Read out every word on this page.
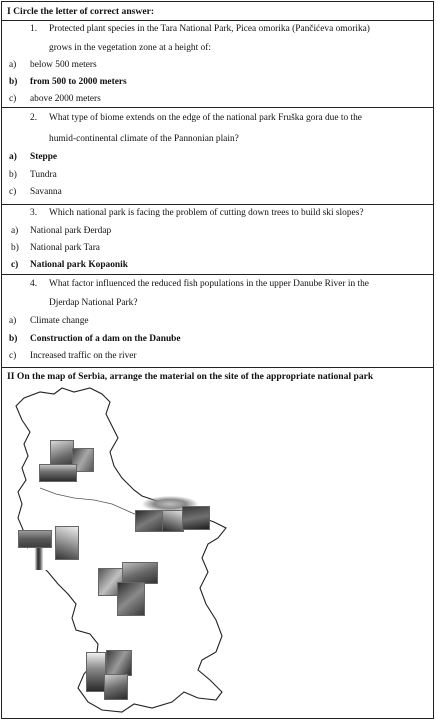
I Circle the letter of correct answer:
1. Protected plant species in the Tara National Park, Picea omorika (Pančićeva omorika)
grows in the vegetation zone at a height of:
a) below 500 meters
b) from 500 to 2000 meters
c) above 2000 meters
2. What type of biome extends on the edge of the national park Fruška gora due to the
humid-continental climate of the Pannonian plain?
a) Steppe
b) Tundra
c) Savanna
3. Which national park is facing the problem of cutting down trees to build ski slopes?
a) National park Đerdap
b) National park Tara
c) National park Kopaonik
4. What factor influenced the reduced fish populations in the upper Danube River in the
Djerdap National Park?
a) Climate change
b) Construction of a dam on the Danube
c) Increased traffic on the river
II On the map of Serbia, arrange the material on the site of the appropriate national park
